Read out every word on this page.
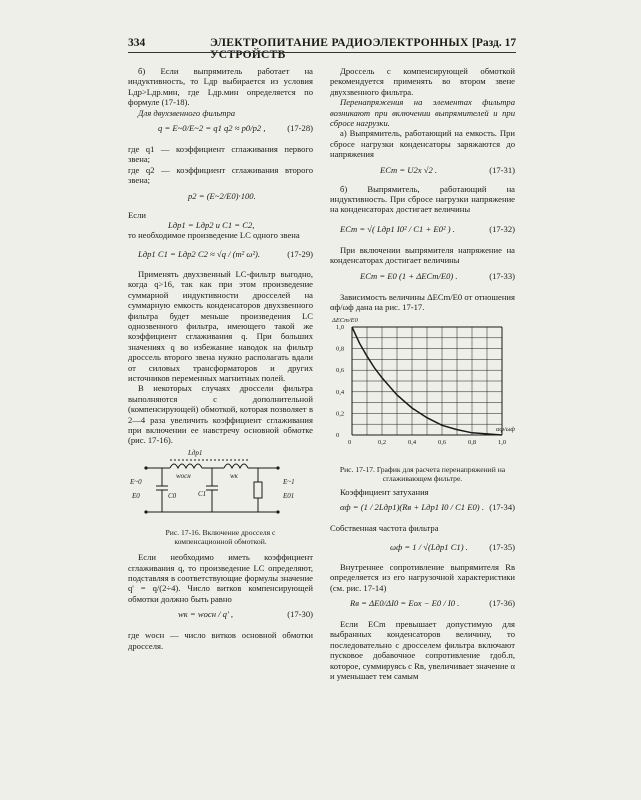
334	ЭЛЕКТРОПИТАНИЕ РАДИОЭЛЕКТРОННЫХ УСТРОЙСТВ
[Разд. 17

б) Если выпрямитель работает на индуктивность, то Lдр выбирается из условия Lдр>Lдр.мин, где Lдр.мин определяется по формуле (17-18).

Для двухзвенного фильтра

q = E~0/E~2 = q1 q2 ≈ p0/p2 ,	(17-28)

где q1 — коэффициент сглаживания первого звена;

где q2 — коэффициент сглаживания второго звена;

p2 = (E~2/E0)·100.

Если

Lдр1 = Lдр2 и C1 = C2,

то необходимое произведение LC одного звена

Lдр1 C1 = Lдр2 C2 ≈ √q / (m² ω²).	(17-29)

Применять двухзвенный LC-фильтр выгодно, когда q>16, так как при этом произведение суммарной индуктивности дросселей на суммарную емкость конденсаторов двухзвенного фильтра будет меньше произведения LC однозвенного фильтра, имеющего такой же коэффициент сглаживания q. При больших значениях q во избежание наводок на фильтр дроссель второго звена нужно располагать вдали от силовых трансформаторов и других источников переменных магнитных полей.

В некоторых случаях дроссели фильтра выполняются с дополнительной (компенсирующей) обмоткой, которая позволяет в 2—4 раза увеличить коэффициент сглаживания при включении ее навстречу основной обмотке (рис. 17-16).

Lдр1
wосн	wк
C1
C0
E~0
E0
E~1
E01

Рис. 17-16. Включение дросселя с компенсационной обмоткой.

Если необходимо иметь коэффициент сглаживания q, то произведение LC определяют, подставляя в соответствующие формулы значение q' = q/(2÷4). Число витков компенсирующей обмотки должно быть равно

wк = wосн / q' ,	(17-30)

где wосн — число витков основной обмотки дросселя.

Дроссель с компенсирующей обмоткой рекомендуется применять во втором звене двухзвенного фильтра.

Перенапряжения на элементах фильтра возникают при включении выпрямителей и при сбросе нагрузки.

а) Выпрямитель, работающий на емкость. При сбросе нагрузки конденсаторы заряжаются до напряжения

ECm = U2x √2 .	(17-31)

б) Выпрямитель, работающий на индуктивность. При сбросе нагрузки напряжение на конденсаторах достигает величины

ECm = √( Lдр1 I0² / C1 + E0² ) .	(17-32)

При включении выпрямителя напряжение на конденсаторах достигает величины

ECm = E0 (1 + ΔECm/E0) .	(17-33)

Зависимость величины ΔECm/E0 от отношения αф/ωф дана на рис. 17-17.

0	0,2	0,4	0,6	0,8	1,0
0
0,2
0,4
0,6
0,8
1,0
ΔECm/E0
αф/ωф

Рис. 17-17. График для расчета перенапряжений на сглаживающем фильтре.

Коэффициент затухания

αф = (1 / 2Lдр1)(Rв + Lдр1 I0 / C1 E0) . (17-34)

Собственная частота фильтра

ωф = 1 / √(Lдр1 C1) . (17-35)

Внутреннее сопротивление выпрямителя Rв определяется из его нагрузочной характеристики (см. рис. 17-14)

Rв = ΔE0/ΔI0 = Eох − E0 / I0 .	(17-36)

Если ECm превышает допустимую для выбранных конденсаторов величину, то последовательно с дросселем фильтра включают пусковое добавочное сопротивление rдоб.п, которое, суммируясь с Rв, увеличивает значение α и уменьшает тем самым
